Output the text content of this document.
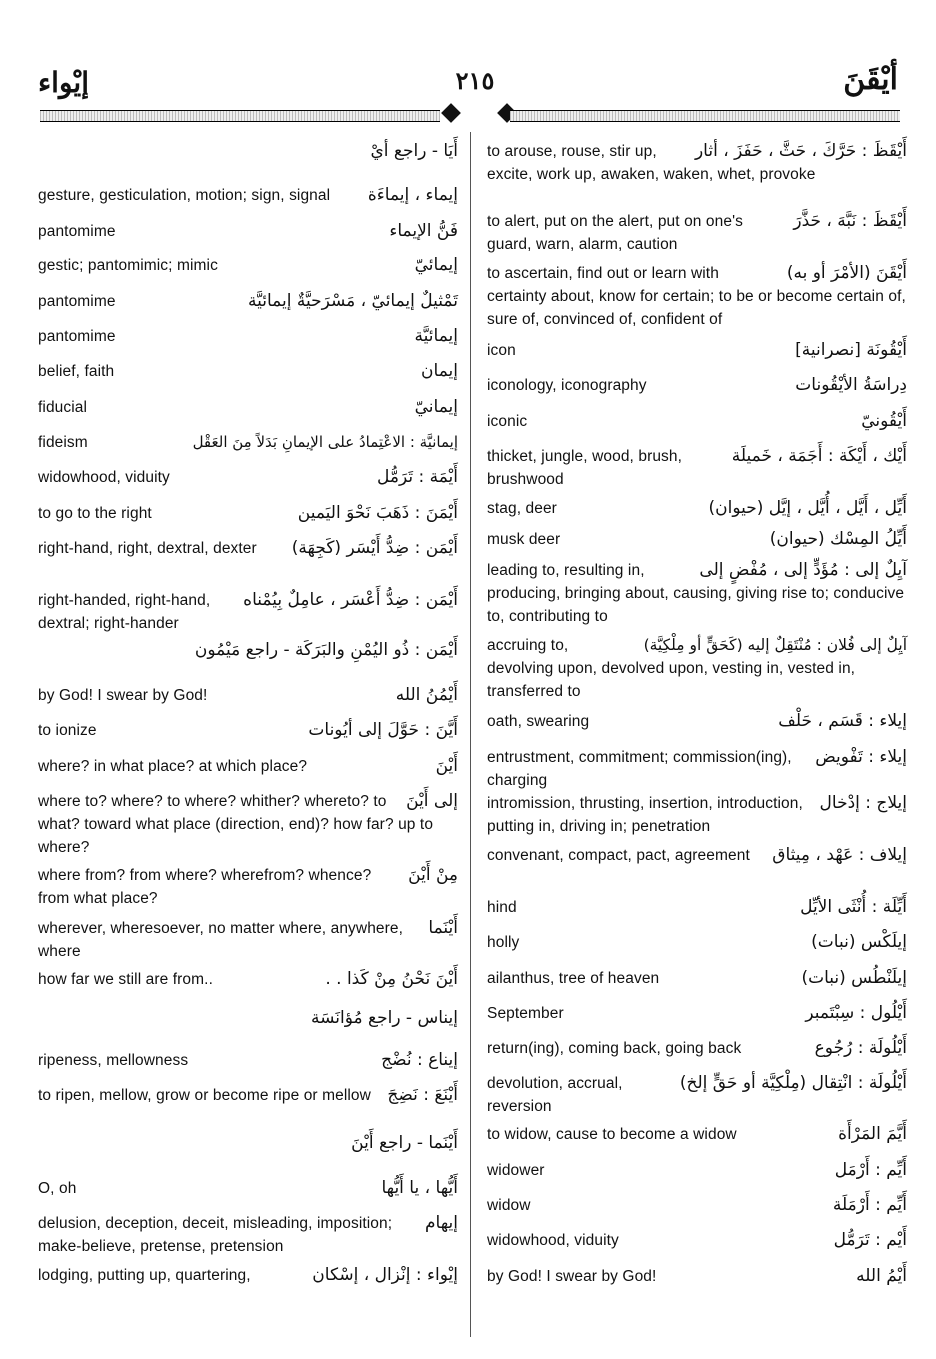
إيْواء	٢١٥	أيْقَنَ
أَيَا - راجع أيْ
إيماء ، إيماءَة
gesture, gesticulation, motion; sign, signal
فَنُّ الإيماء
pantomime
إيمائيّ
gestic; pantomimic; mimic
تَمْثيلٌ إيمائيّ ، مَسْرَحيَّةٌ إيمائيَّة
pantomime
إيمائيَّة
pantomime
إيمان
belief, faith
إيمانيّ
fiducial
إيمانيَّة : الاعْتِمادُ على الإيمانِ بَدَلاً مِنَ العَقْل
fideism
أَيْمَة : تَرَمُّل
widowhood, viduity
أَيْمَنَ : ذَهَبَ نَحْوَ اليَمين
to go to the right
أَيْمَن : ضِدُّ أَيْسَر (كَجِهَة)
right-hand, right, dextral, dexter
أَيْمَن : ضِدُّ أَعْسَر ، عامِلٌ بِيُمْناه
right-handed, right-hand, dextral; right-hander
أَيْمَن : ذُو اليُمْنِ والبَرَكَة - راجع مَيْمُون
أَيْمُنُ الله
by God! I swear by God!
أَيَّنَ : حَوَّلَ إلى أيُونات
to ionize
أَيْنَ
where? in what place? at which place?
إلى أَيْنَ
where to? where? to where? whither? whereto? to what? toward what place (direction, end)? how far? up to where?
مِنْ أَيْنَ
where from? from where? wherefrom? whence? from what place?
أَيْنَما
wherever, wheresoever, no matter where, anywhere, where
أَيْنَ نَحْنُ مِنْ كَذا . .
how far we still are from..
إيناس - راجع مُؤانَسَة
إيناع : نُضْج
ripeness, mellowness
أَيْنَعَ : نَضِجَ
to ripen, mellow, grow or become ripe or mellow
أَيْنَما - راجع أَيْنَ
أَيُّها ، يا أَيُّها
O, oh
إيهام
delusion, deception, deceit, misleading, imposition; make-believe, pretense, pretension
إيْواء : إنْزال ، إسْكان
lodging, putting up, quartering,
أَيْقَظَ : حَرَّكَ ، حَثَّ ، حَفَزَ ، أثار
to arouse, rouse, stir up, excite, work up, awaken, waken, whet, provoke
أَيْقَظَ : نَبَّهَ ، حَذَّرَ
to alert, put on the alert, put on one's guard, warn, alarm, caution
أَيْقَنَ (الأمْرَ أو به)
to ascertain, find out or learn with certainty about, know for certain; to be or become certain of, sure of, convinced of, confident of
أَيْقُونَة [نصرانية]
icon
دِراسَةُ الأيْقُونات
iconology, iconography
أَيْقُونيّ
iconic
أَيْك ، أَيْكَة : أَجَمَة ، خَميلَة
thicket, jungle, wood, brush, brushwood
أَيِّل ، أَيَّل ، أُيَّل ، إيَّل (حيوان)
stag, deer
أَيِّلُ المِسْك (حيوان)
musk deer
آيِلٌ إلى : مُؤَدٍّ إلى ، مُفْضٍ إلى
leading to, resulting in, producing, bringing about, causing, giving rise to; conducive to, contributing to
آيِلٌ إلى فُلان : مُنْتَقِلٌ إليه (كَحَقٍّ أو مِلْكِيَّة)
accruing to, devolving upon, devolved upon, vesting in, vested in, transferred to
إيلاء : قَسَم ، حَلْف
oath, swearing
إيلاء : تَفْويض
entrustment, commitment; commission(ing), charging
إيلاج : إدْخال
intromission, thrusting, insertion, introduction, putting in, driving in; penetration
إيلاف : عَهْد ، مِيثاق
convenant, compact, pact, agreement
أَيِّلَة : أُنْثَى الأيِّل
hind
إيلَكْس (نبات)
holly
إيلَنْطُس (نبات)
ailanthus, tree of heaven
أَيْلُول : سِبْتَمبر
September
أَيْلُولَة : رُجُوع
return(ing), coming back, going back
أَيْلُولَة : انْتِقال (مِلْكِيَّة أو حَقٍّ إلخ)
devolution, accrual, reversion
أَيَّمَ المَرْأَة
to widow, cause to become a widow
أَيِّم : أَرْمَل
widower
أَيِّم : أَرْمَلَة
widow
أَيْم : تَرَمُّل
widowhood, viduity
أَيْمُ الله
by God! I swear by God!
